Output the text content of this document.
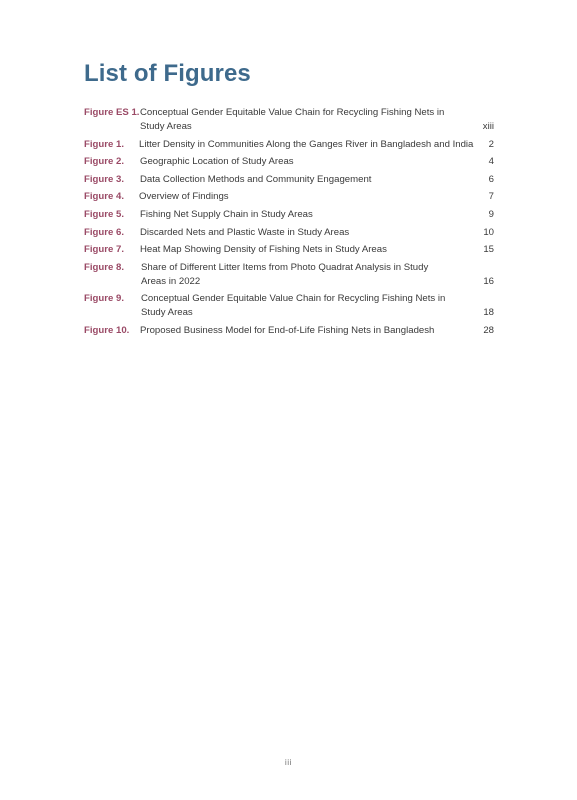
List of Figures
Figure ES 1. Conceptual Gender Equitable Value Chain for Recycling Fishing Nets in Study Areas	xiii
Figure 1.	Litter Density in Communities Along the Ganges River in Bangladesh and India	2
Figure 2.	Geographic Location of Study Areas	4
Figure 3.	Data Collection Methods and Community Engagement	6
Figure 4.	Overview of Findings	7
Figure 5.	Fishing Net Supply Chain in Study Areas	9
Figure 6.	Discarded Nets and Plastic Waste in Study Areas	10
Figure 7.	Heat Map Showing Density of Fishing Nets in Study Areas	15
Figure 8.	Share of Different Litter Items from Photo Quadrat Analysis in Study Areas in 2022	16
Figure 9.	Conceptual Gender Equitable Value Chain for Recycling Fishing Nets in Study Areas	18
Figure 10.	Proposed Business Model for End-of-Life Fishing Nets in Bangladesh	28
iii
